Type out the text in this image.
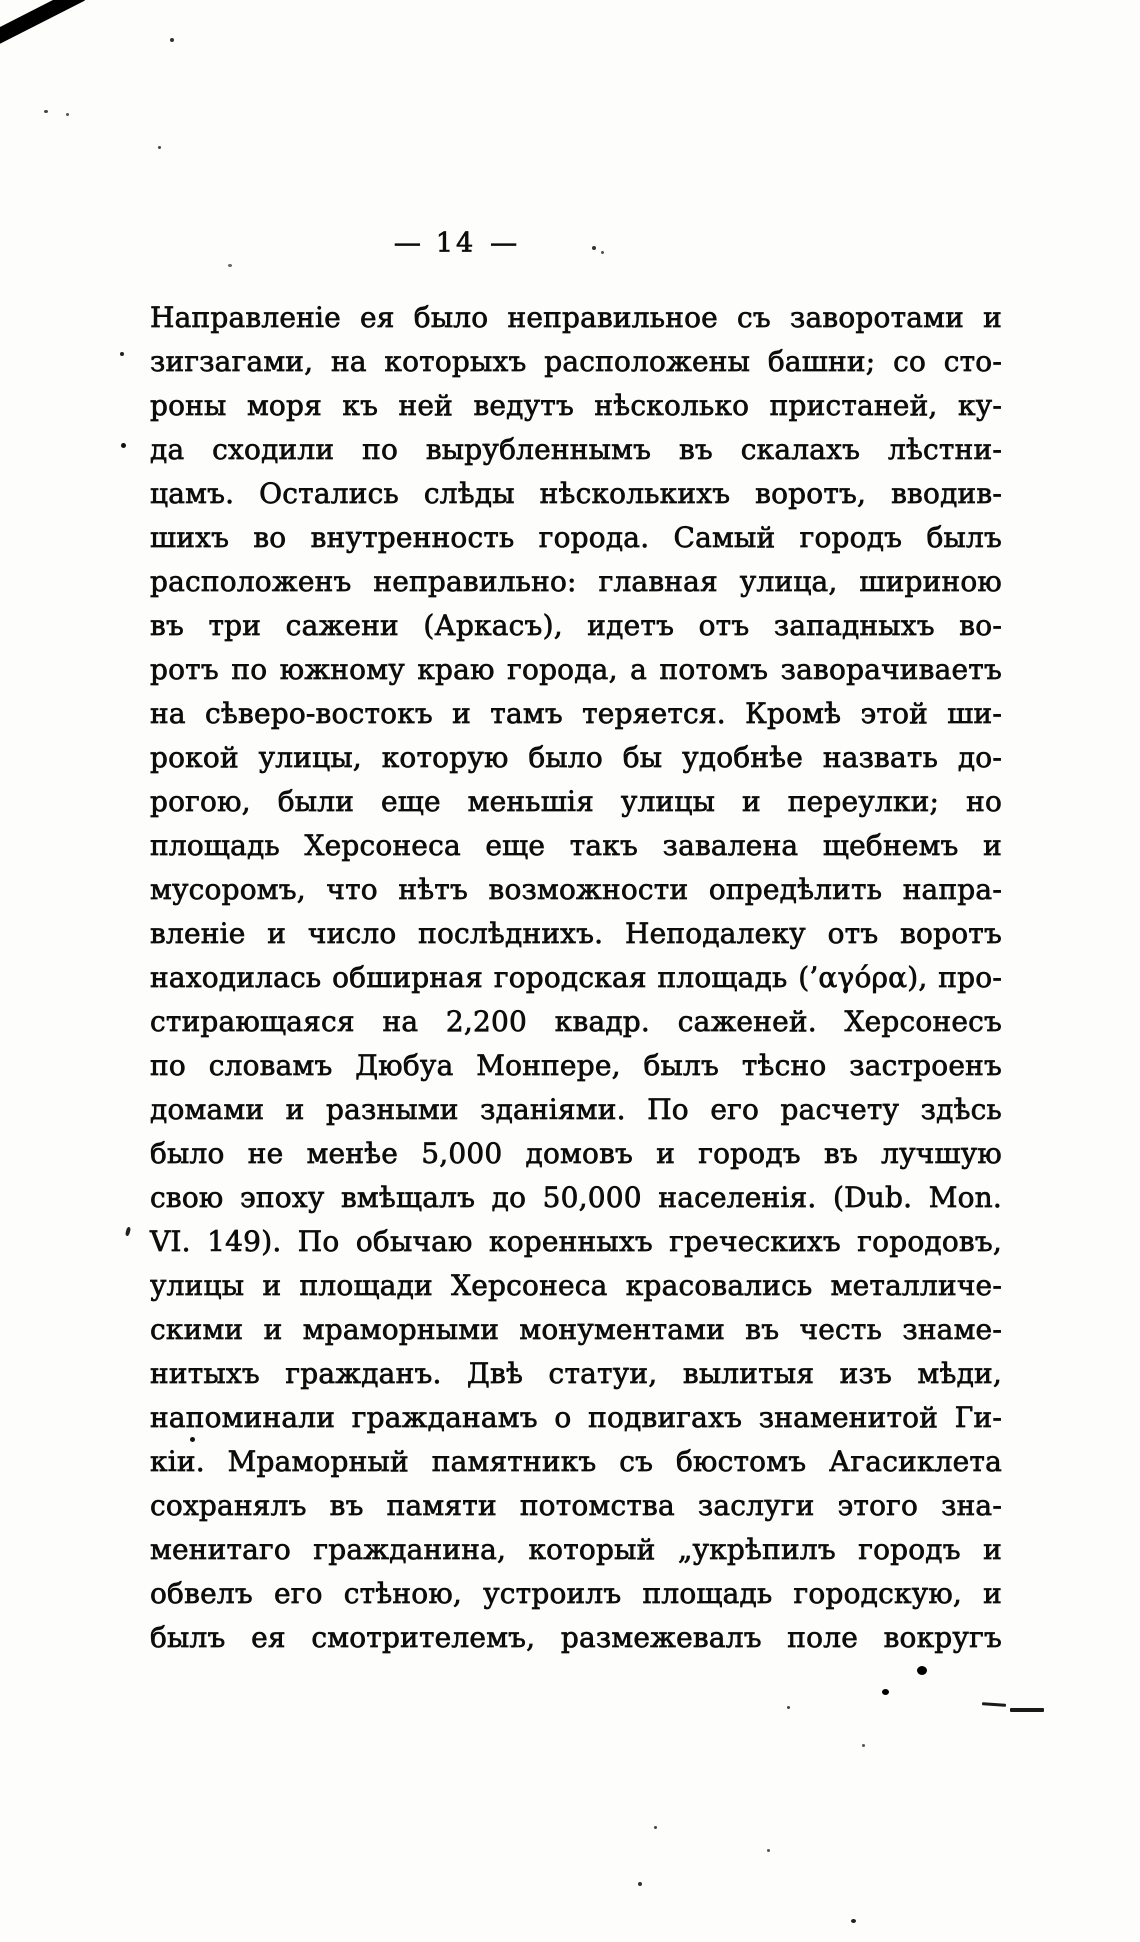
— 14 —
Направленіе ея было неправильное съ заворотами и
зигзагами, на которыхъ расположены башни; со сто-
роны моря къ ней ведутъ нѣсколько пристаней, ку-
да сходили по вырубленнымъ въ скалахъ лѣстни-
цамъ. Остались слѣды нѣсколькихъ воротъ, вводив-
шихъ во внутренность города. Самый городъ былъ
расположенъ неправильно: главная улица, шириною
въ три сажени (Аркасъ), идетъ отъ западныхъ во-
ротъ по южному краю города, а потомъ заворачиваетъ
на сѣверо-востокъ и тамъ теряется. Кромѣ этой ши-
рокой улицы, которую было бы удобнѣе назвать до-
рогою, были еще меньшія улицы и переулки; но
площадь Херсонеса еще такъ завалена щебнемъ и
мусоромъ, что нѣтъ возможности опредѣлить напра-
вленіе и число послѣднихъ. Неподалеку отъ воротъ
находилась обширная городская площадь (’αγόρα), про-
стирающаяся на 2,200 квадр. саженей. Херсонесъ
по словамъ Дюбуа Монпере, былъ тѣсно застроенъ
домами и разными зданіями. По его расчету здѣсь
было не менѣе 5,000 домовъ и городъ въ лучшую
свою эпоху вмѣщалъ до 50,000 населенія. (Dub. Mon.
VI. 149). По обычаю коренныхъ греческихъ городовъ,
улицы и площади Херсонеса красовались металличе-
скими и мраморными монументами въ честь знаме-
нитыхъ гражданъ. Двѣ статуи, вылитыя изъ мѣди,
напоминали гражданамъ о подвигахъ знаменитой Ги-
кіи. Мраморный памятникъ съ бюстомъ Агасиклета
сохранялъ въ памяти потомства заслуги этого зна-
менитаго гражданина, который „укрѣпилъ городъ и
обвелъ его стѣною, устроилъ площадь городскую, и
былъ ея смотрителемъ, размежевалъ поле вокругъ
